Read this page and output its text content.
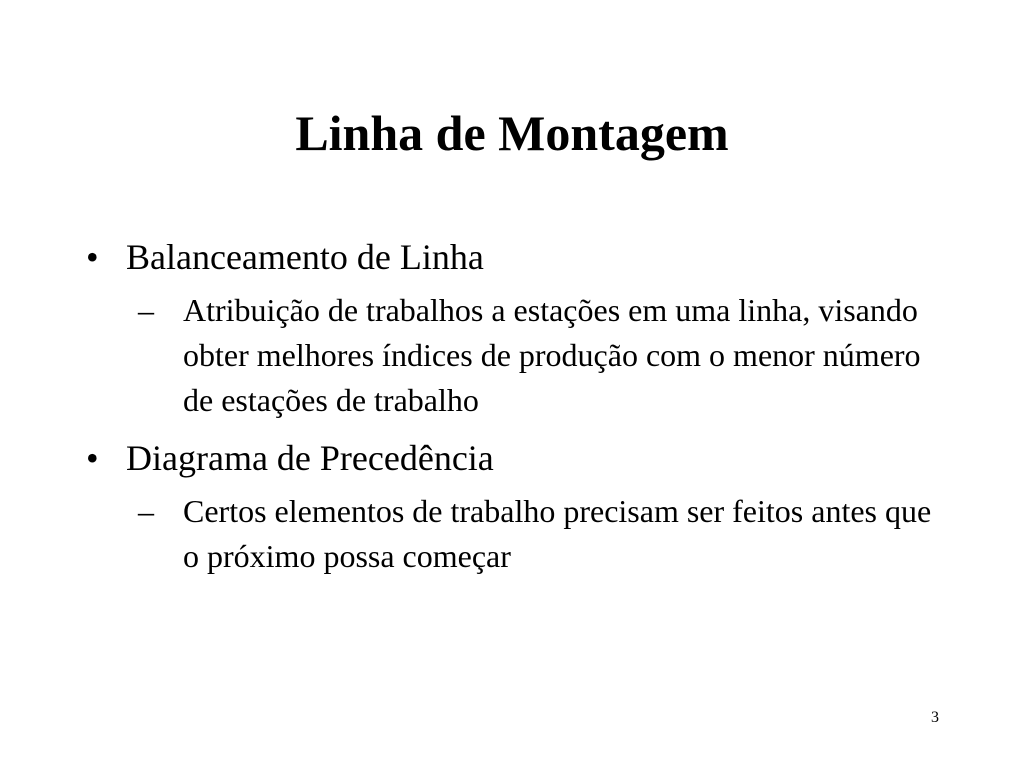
Linha de Montagem
• Balanceamento de Linha
– Atribuição de trabalhos a estações em uma linha, visando obter melhores índices de produção com o menor número de estações de trabalho
• Diagrama de Precedência
– Certos elementos de trabalho precisam ser feitos antes que o próximo possa começar
3
